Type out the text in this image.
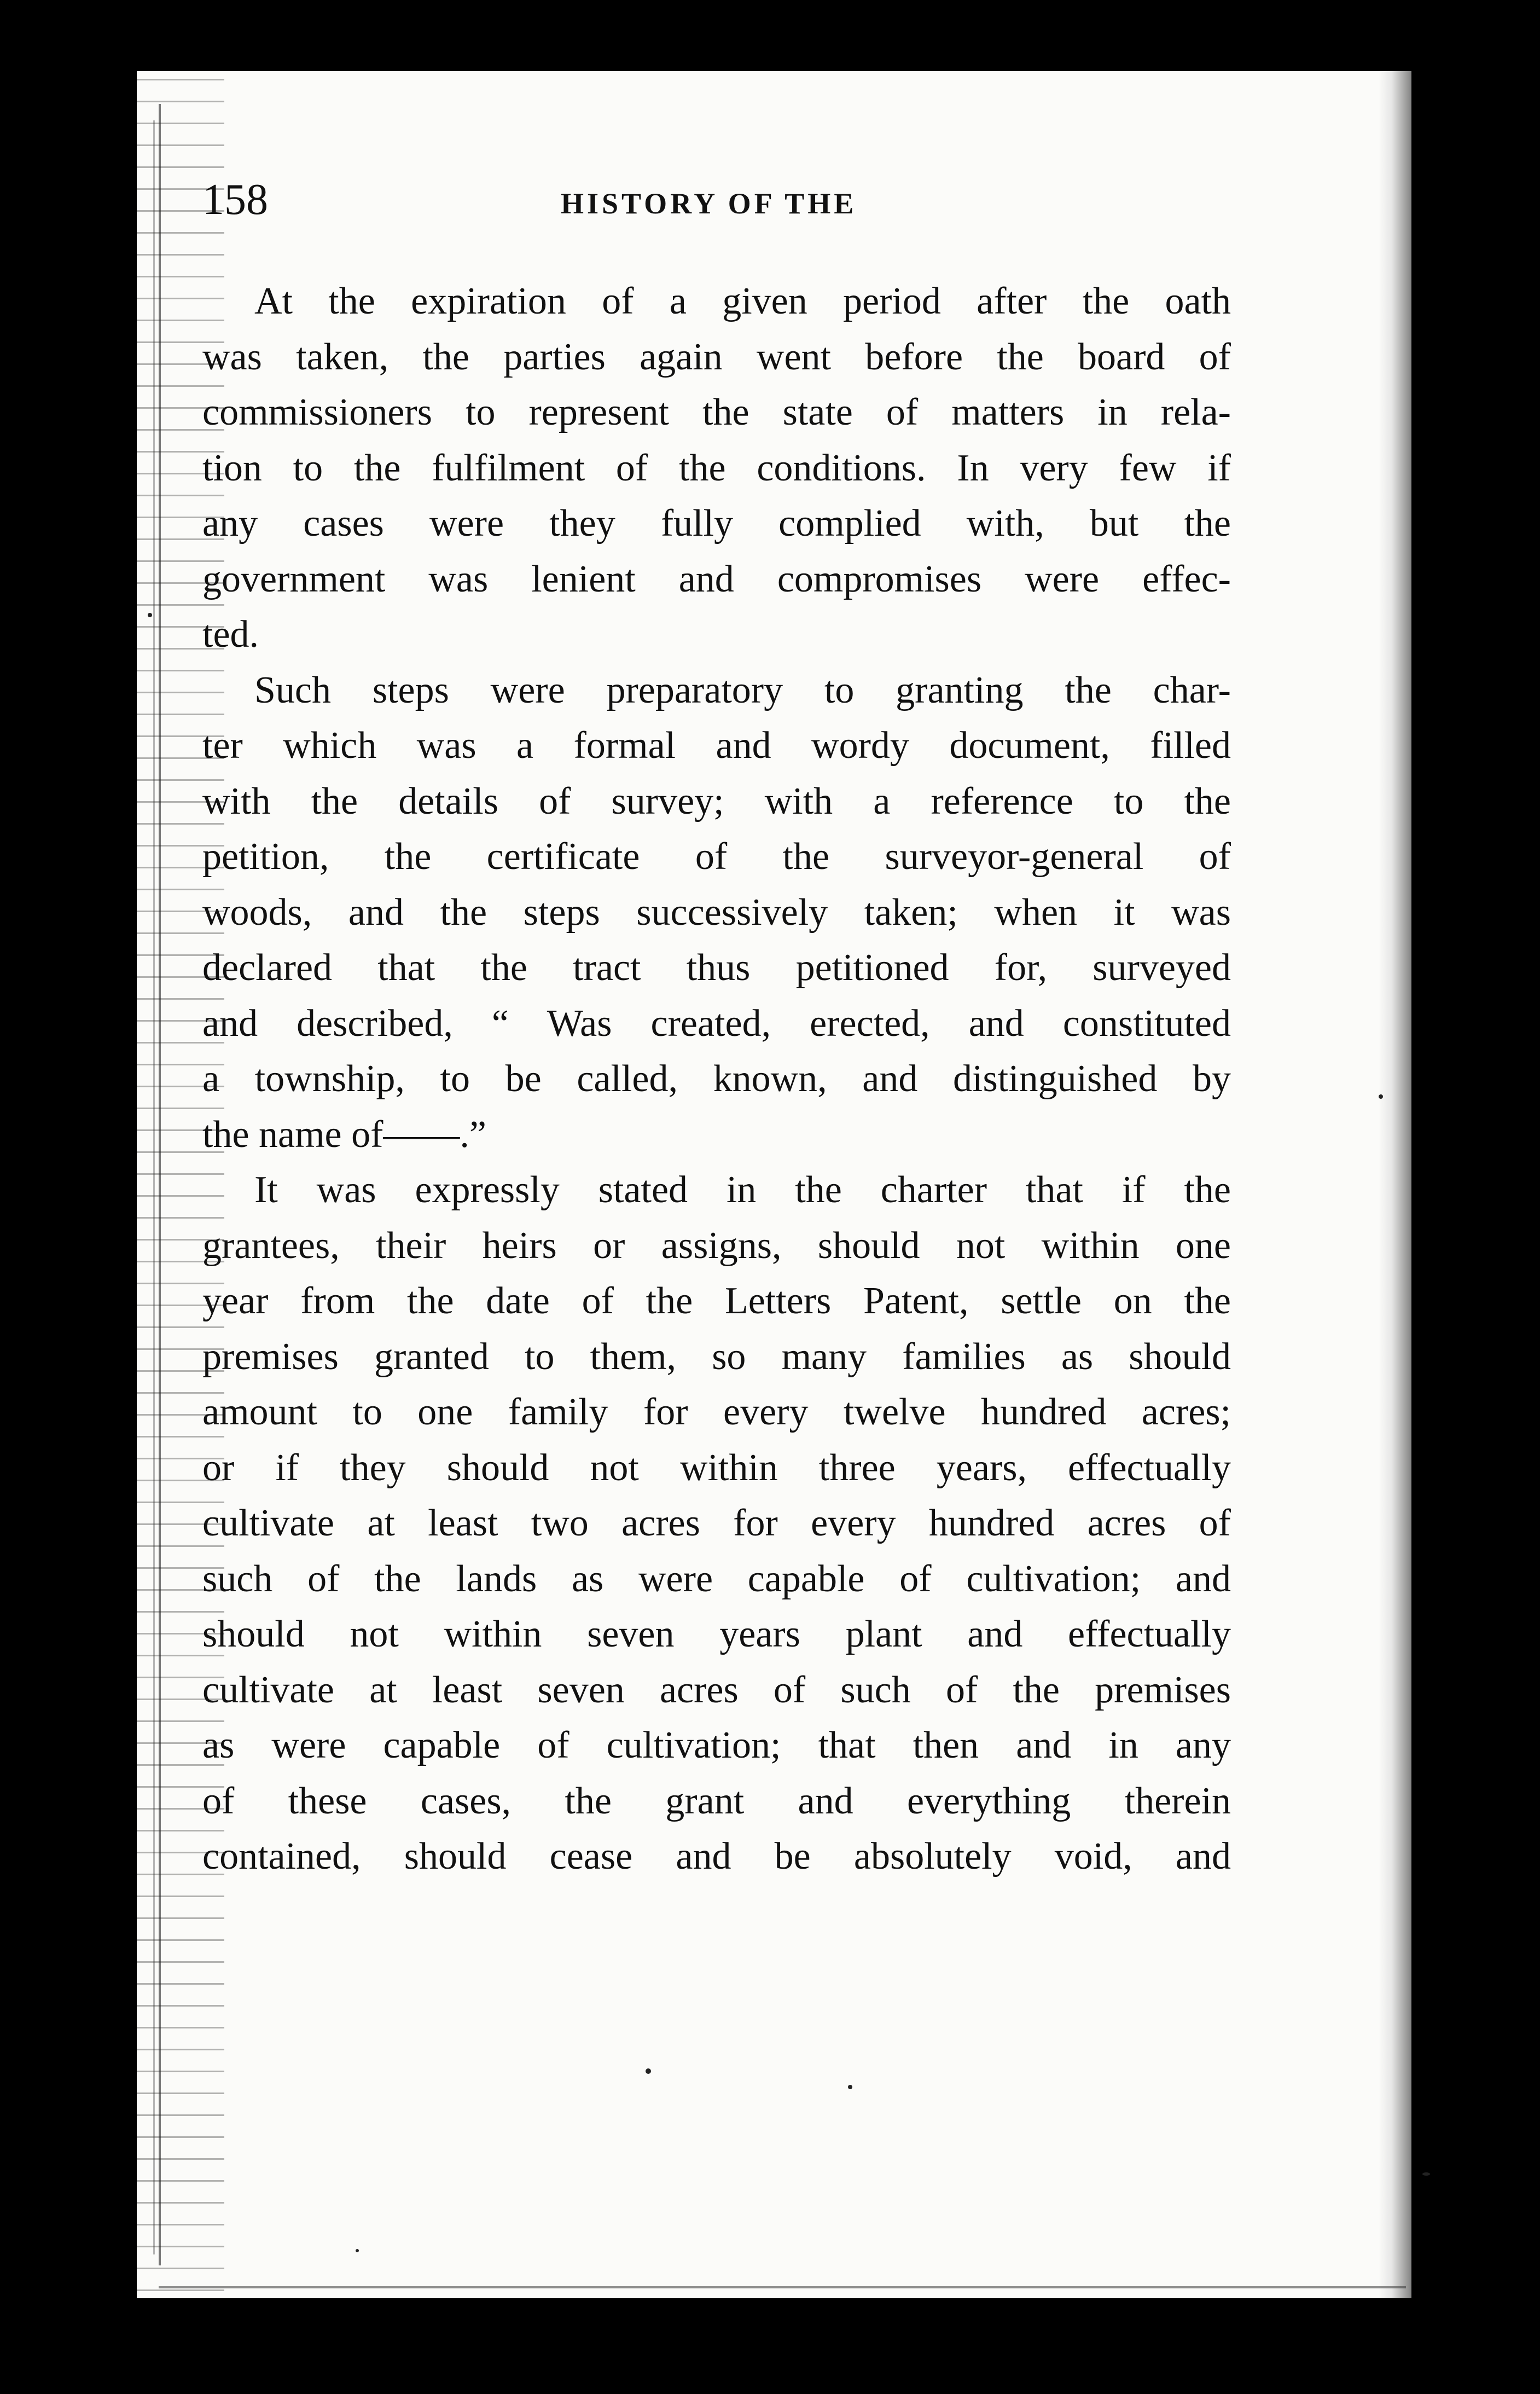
158	HISTORY OF THE

At the expiration of a given period after the oath
was taken, the parties again went before the board of
commissioners to represent the state of matters in rela-
tion to the fulfilment of the conditions. In very few if
any cases were they fully complied with, but the
government was lenient and compromises were effec-
ted.
Such steps were preparatory to granting the char-
ter which was a formal and wordy document, filled
with the details of survey; with a reference to the
petition, the certificate of the surveyor-general of
woods, and the steps successively taken; when it was
declared that the tract thus petitioned for, surveyed
and described, “ Was created, erected, and constituted
a township, to be called, known, and distinguished by
the name of——.”
It was expressly stated in the charter that if the
grantees, their heirs or assigns, should not within one
year from the date of the Letters Patent, settle on the
premises granted to them, so many families as should
amount to one family for every twelve hundred acres;
or if they should not within three years, effectually
cultivate at least two acres for every hundred acres of
such of the lands as were capable of cultivation; and
should not within seven years plant and effectually
cultivate at least seven acres of such of the premises
as were capable of cultivation; that then and in any
of these cases, the grant and everything therein
contained, should cease and be absolutely void, and
